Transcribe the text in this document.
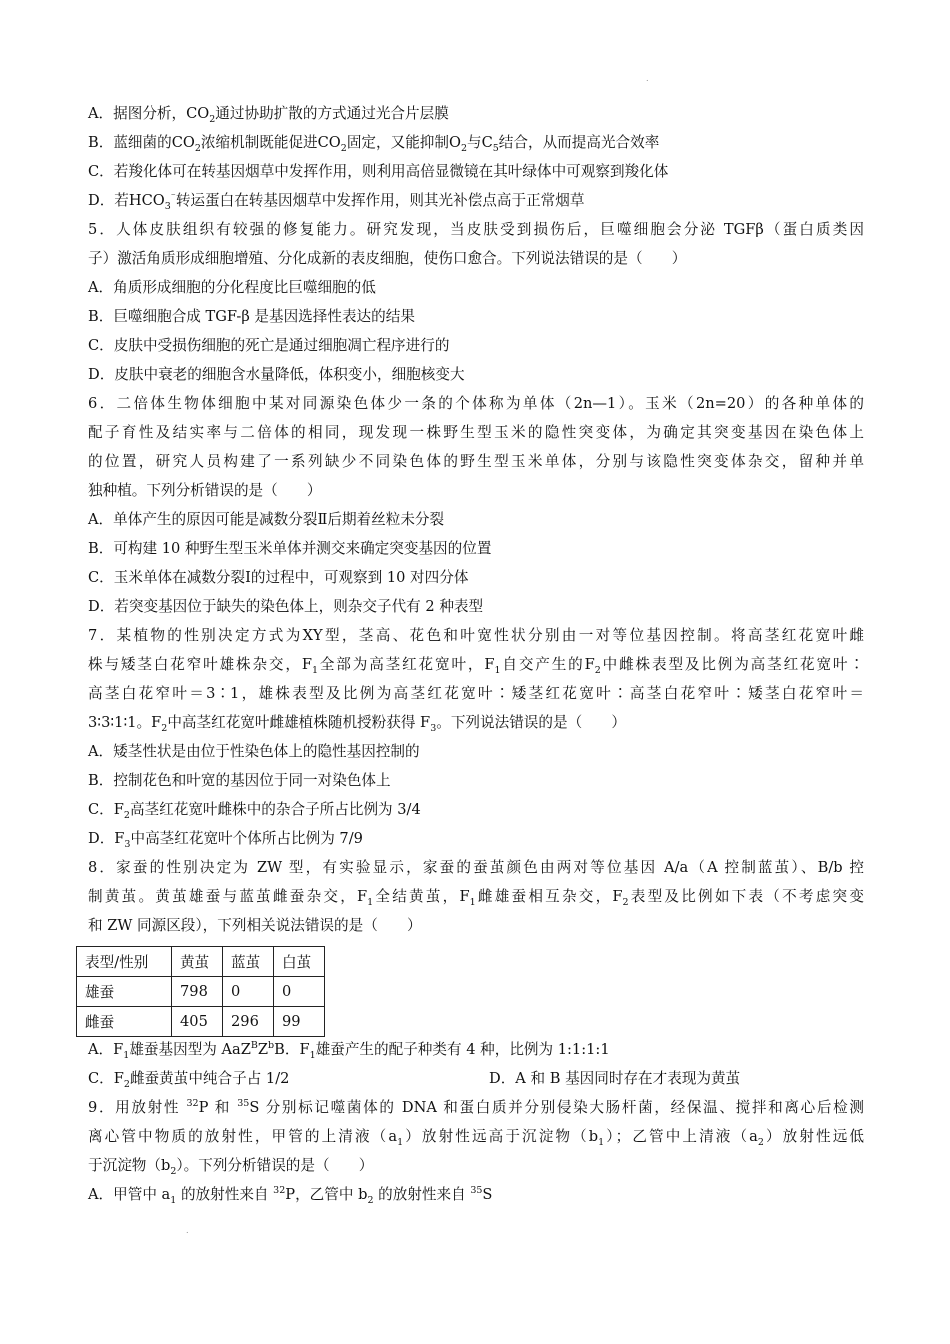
.
A．据图分析，$CO_2$通过协助扩散的方式通过光合片层膜
B．蓝细菌的$CO_2$浓缩机制既能促进$CO_2$固定，又能抑制$O_2$与$C_5$结合，从而提高光合效率
C．若羧化体可在转基因烟草中发挥作用，则利用高倍显微镜在其叶绿体中可观察到羧化体
D．若$HCO_3^{^-}$转运蛋白在转基因烟草中发挥作用，则其光补偿点高于正常烟草
5．人体皮肤组织有较强的修复能力。研究发现，当皮肤受到损伤后，巨噬细胞会分泌 TGFβ（蛋白质类因
子）激活角质形成细胞增殖、分化成新的表皮细胞，使伤口愈合。下列说法错误的是（　　）
A．角质形成细胞的分化程度比巨噬细胞的低
B．巨噬细胞合成 TGF-β 是基因选择性表达的结果
C．皮肤中受损伤细胞的死亡是通过细胞凋亡程序进行的
D．皮肤中衰老的细胞含水量降低，体积变小，细胞核变大
6．二倍体生物体细胞中某对同源染色体少一条的个体称为单体（2n—1）。玉米（2n=20）的各种单体的
配子育性及结实率与二倍体的相同，现发现一株野生型玉米的隐性突变体，为确定其突变基因在染色体上
的位置，研究人员构建了一系列缺少不同染色体的野生型玉米单体，分别与该隐性突变体杂交，留种并单
独种植。下列分析错误的是（　　）
A．单体产生的原因可能是减数分裂Ⅱ后期着丝粒未分裂
B．可构建 10 种野生型玉米单体并测交来确定突变基因的位置
C．玉米单体在减数分裂Ⅰ的过程中，可观察到 10 对四分体
D．若突变基因位于缺失的染色体上，则杂交子代有 2 种表型
7．某植物的性别决定方式为XY型，茎高、花色和叶宽性状分别由一对等位基因控制。将高茎红花宽叶雌
株与矮茎白花窄叶雄株杂交，$F_1$全部为高茎红花宽叶，$F_1$自交产生的$F_2$中雌株表型及比例为高茎红花宽叶∶
高茎白花窄叶＝3∶1，雄株表型及比例为高茎红花宽叶∶矮茎红花宽叶∶高茎白花窄叶∶矮茎白花窄叶＝
3∶3∶1∶1。$F_2$中高茎红花宽叶雌雄植株随机授粉获得 $F_3$。下列说法错误的是（　　）
A．矮茎性状是由位于性染色体上的隐性基因控制的
B．控制花色和叶宽的基因位于同一对染色体上
C．$F_2$高茎红花宽叶雌株中的杂合子所占比例为 3/4
D．$F_3$中高茎红花宽叶个体所占比例为 7/9
8．家蚕的性别决定为 ZW 型，有实验显示，家蚕的蚕茧颜色由两对等位基因 A/a（A 控制蓝茧）、B/b 控
制黄茧。黄茧雄蚕与蓝茧雌蚕杂交，$F_1$全结黄茧，$F_1$雌雄蚕相互杂交，$F_2$表型及比例如下表（不考虑突变
和 ZW 同源区段），下列相关说法错误的是（　　）
表型/性别	黄茧	蓝茧	白茧
雄蚕	798	0	0
雌蚕	405	296	99
A．$F_1$雄蚕基因型为 $AaZ^BZ^bB$．$F_1$雄蚕产生的配子种类有 4 种，比例为 1:1:1:1
C．$F_2$雌蚕黄茧中纯合子占 1/2	D．A 和 B 基因同时存在才表现为黄茧
9．用放射性 $^{32}$P 和 $^{35}$S 分别标记噬菌体的 DNA 和蛋白质并分别侵染大肠杆菌，经保温、搅拌和离心后检测
离心管中物质的放射性，甲管的上清液$(a_1)$放射性远高于沉淀物$(b_1)$；乙管中上清液$(a_2)$放射性远低
于沉淀物$(b_2)$。下列分析错误的是（　　）
A．甲管中 $a_1$ 的放射性来自 $^{32}$P，乙管中 $b_2$ 的放射性来自 $^{35}$S
.
